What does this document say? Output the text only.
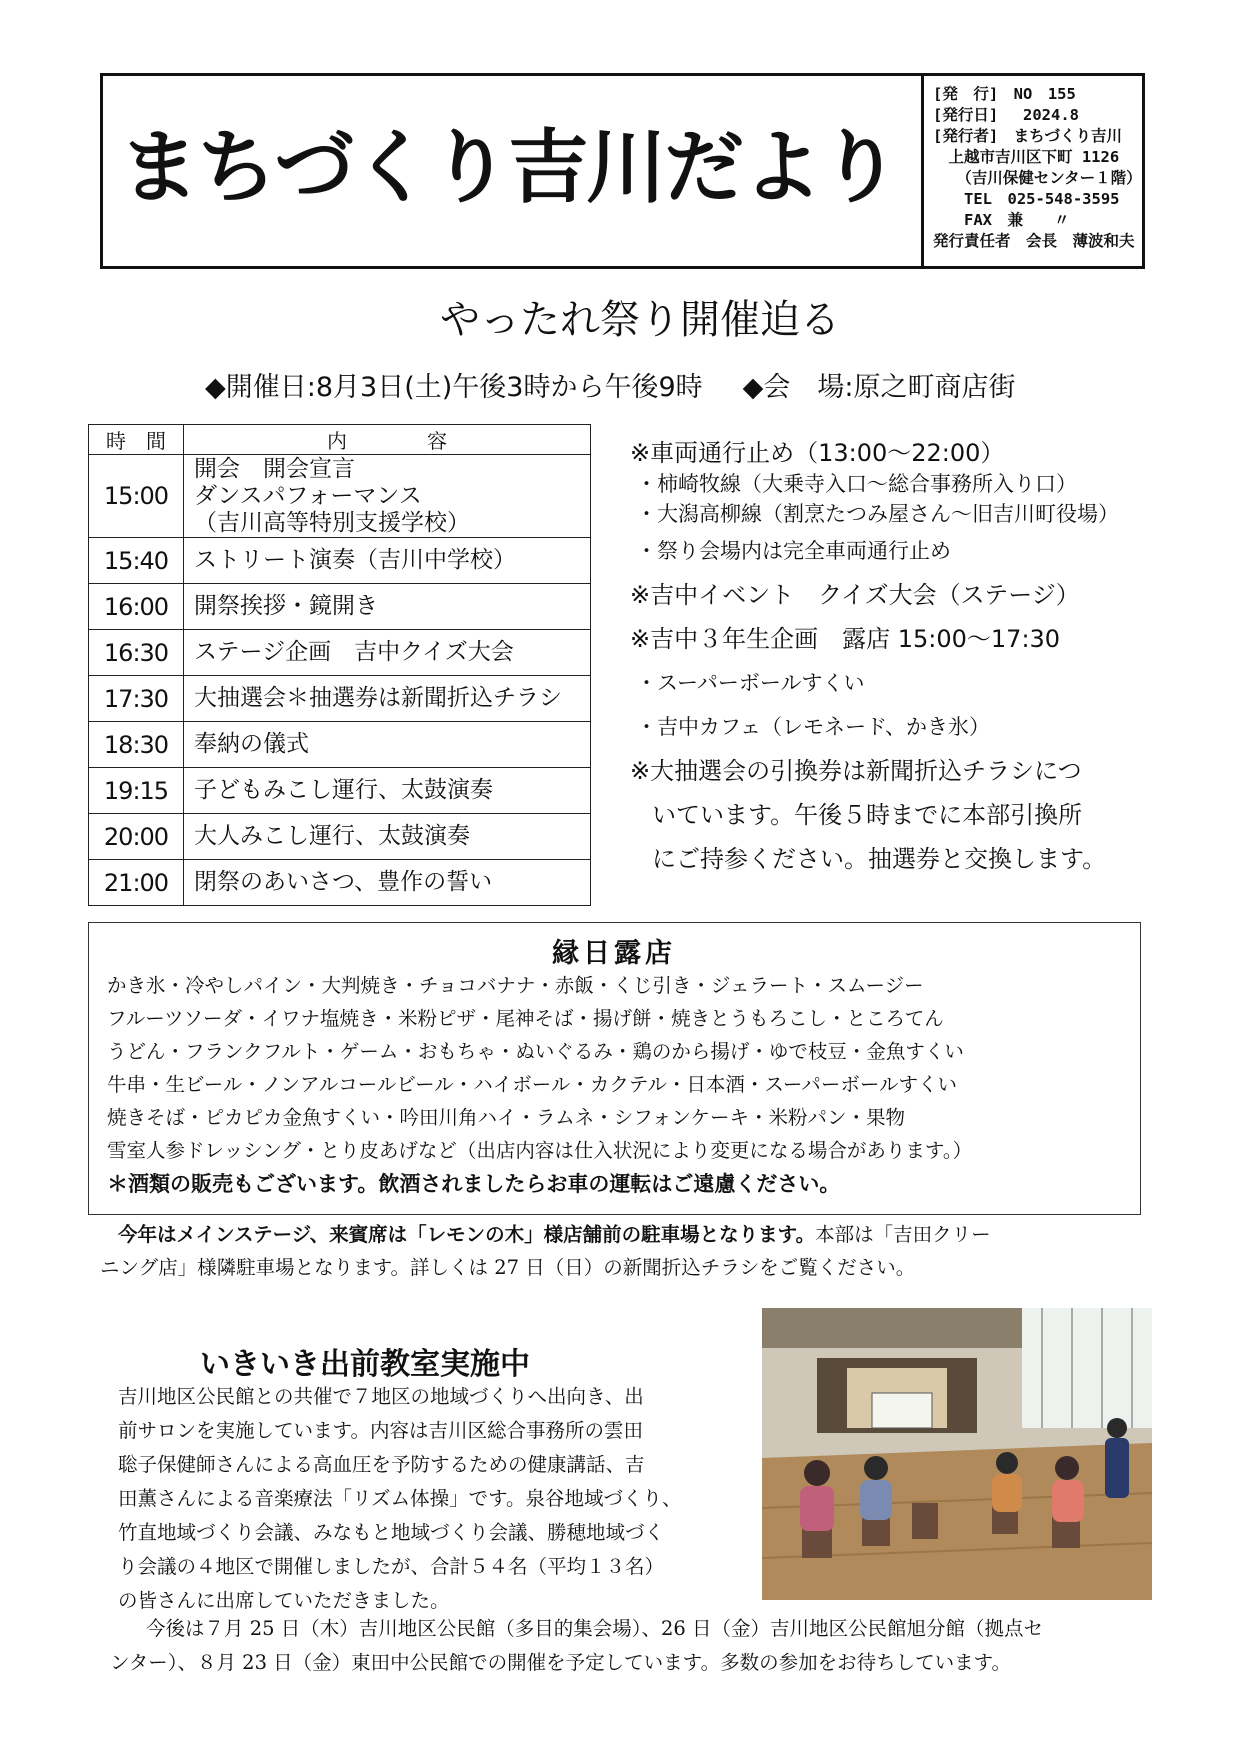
まちづくり吉川だより
[発　行]　NO　155
[発行日]　 2024.8
[発行者]　まちづくり吉川
　上越市吉川区下町 1126
　　（吉川保健センター１階）
　　TEL　025-548-3595
　　FAX　兼　　〃
発行責任者　会長　薄波和夫
やったれ祭り開催迫る
◆開催日:8月3日(土)午後3時から午後9時 ◆会　場:原之町商店街
時　間	内　　　　容
15:00	開会　開会宣言
ダンスパフォーマンス
（吉川高等特別支援学校）

15:40	ストリート演奏（吉川中学校）
16:00	開祭挨拶・鏡開き
16:30	ステージ企画　吉中クイズ大会
17:30	大抽選会＊抽選券は新聞折込チラシ
18:30	奉納の儀式
19:15	子どもみこし運行、太鼓演奏
20:00	大人みこし運行、太鼓演奏
21:00	閉祭のあいさつ、豊作の誓い
※車両通行止め（13:00～22:00）
・柿崎牧線（大乗寺入口～総合事務所入り口）
・大潟高柳線（割烹たつみ屋さん～旧吉川町役場）
・祭り会場内は完全車両通行止め
※吉中イベント　クイズ大会（ステージ）
※吉中３年生企画　露店 15:00～17:30
・スーパーボールすくい
・吉中カフェ（レモネード、かき氷）
※大抽選会の引換券は新聞折込チラシにつ
いています。午後５時までに本部引換所
にご持参ください。抽選券と交換します。
縁日露店
かき氷・冷やしパイン・大判焼き・チョコバナナ・赤飯・くじ引き・ジェラート・スムージー
フルーツソーダ・イワナ塩焼き・米粉ピザ・尾神そば・揚げ餅・焼きとうもろこし・ところてん
うどん・フランクフルト・ゲーム・おもちゃ・ぬいぐるみ・鶏のから揚げ・ゆで枝豆・金魚すくい
牛串・生ビール・ノンアルコールビール・ハイボール・カクテル・日本酒・スーパーボールすくい
焼きそば・ピカピカ金魚すくい・吟田川角ハイ・ラムネ・シフォンケーキ・米粉パン・果物
雪室人参ドレッシング・とり皮あげなど（出店内容は仕入状況により変更になる場合があります。）
＊酒類の販売もございます。飲酒されましたらお車の運転はご遠慮ください。
今年はメインステージ、来賓席は「レモンの木」様店舗前の駐車場となります。本部は「吉田クリー
ニング店」様隣駐車場となります。詳しくは 27 日（日）の新聞折込チラシをご覧ください。
いきいき出前教室実施中
吉川地区公民館との共催で７地区の地域づくりへ出向き、出
前サロンを実施しています。内容は吉川区総合事務所の雲田
聡子保健師さんによる高血圧を予防するための健康講話、吉
田薫さんによる音楽療法「リズム体操」です。泉谷地域づくり、
竹直地域づくり会議、みなもと地域づくり会議、勝穂地域づく
り会議の４地区で開催しましたが、合計５４名（平均１３名）
の皆さんに出席していただきました。
今後は７月 25 日（木）吉川地区公民館（多目的集会場）、26 日（金）吉川地区公民館旭分館（拠点セ
ンター）、８月 23 日（金）東田中公民館での開催を予定しています。多数の参加をお待ちしています。
